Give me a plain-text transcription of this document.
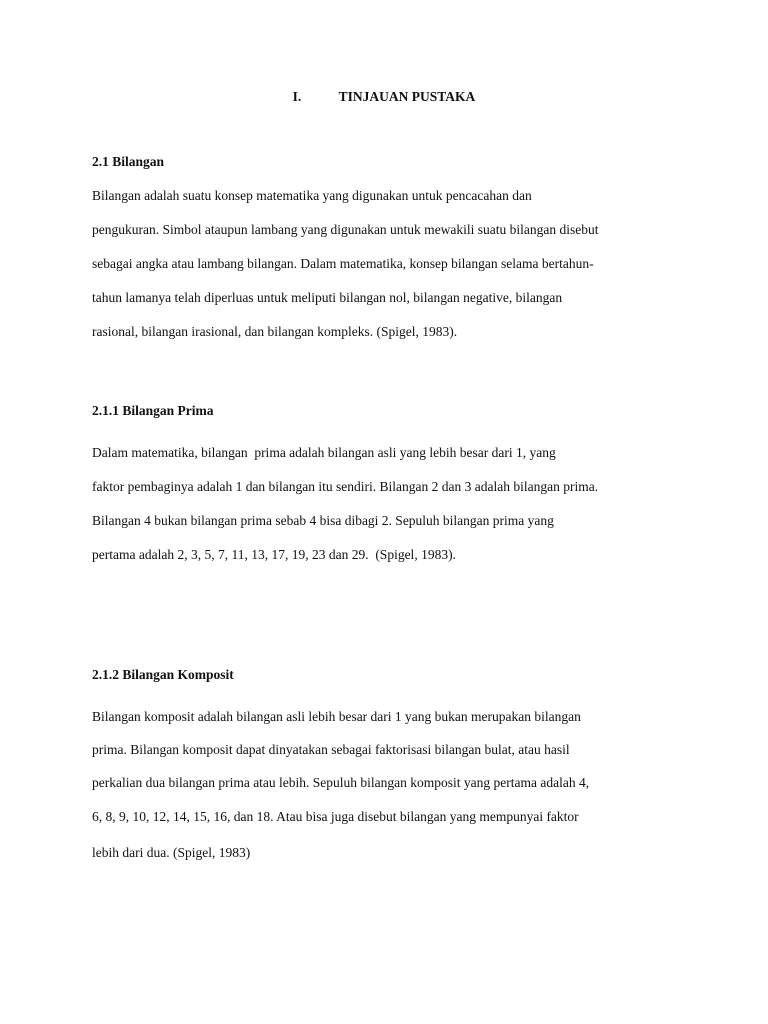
I.	TINJAUAN PUSTAKA
2.1 Bilangan
Bilangan adalah suatu konsep matematika yang digunakan untuk pencacahan dan
pengukuran. Simbol ataupun lambang yang digunakan untuk mewakili suatu bilangan disebut
sebagai angka atau lambang bilangan. Dalam matematika, konsep bilangan selama bertahun-
tahun lamanya telah diperluas untuk meliputi bilangan nol, bilangan negative, bilangan
rasional, bilangan irasional, dan bilangan kompleks. (Spigel, 1983).
2.1.1 Bilangan Prima
Dalam matematika, bilangan  prima adalah bilangan asli yang lebih besar dari 1, yang
faktor pembaginya adalah 1 dan bilangan itu sendiri. Bilangan 2 dan 3 adalah bilangan prima.
Bilangan 4 bukan bilangan prima sebab 4 bisa dibagi 2. Sepuluh bilangan prima yang
pertama adalah 2, 3, 5, 7, 11, 13, 17, 19, 23 dan 29.  (Spigel, 1983).
2.1.2 Bilangan Komposit
Bilangan komposit adalah bilangan asli lebih besar dari 1 yang bukan merupakan bilangan
prima. Bilangan komposit dapat dinyatakan sebagai faktorisasi bilangan bulat, atau hasil
perkalian dua bilangan prima atau lebih. Sepuluh bilangan komposit yang pertama adalah 4,
6, 8, 9, 10, 12, 14, 15, 16, dan 18. Atau bisa juga disebut bilangan yang mempunyai faktor
lebih dari dua. (Spigel, 1983)
